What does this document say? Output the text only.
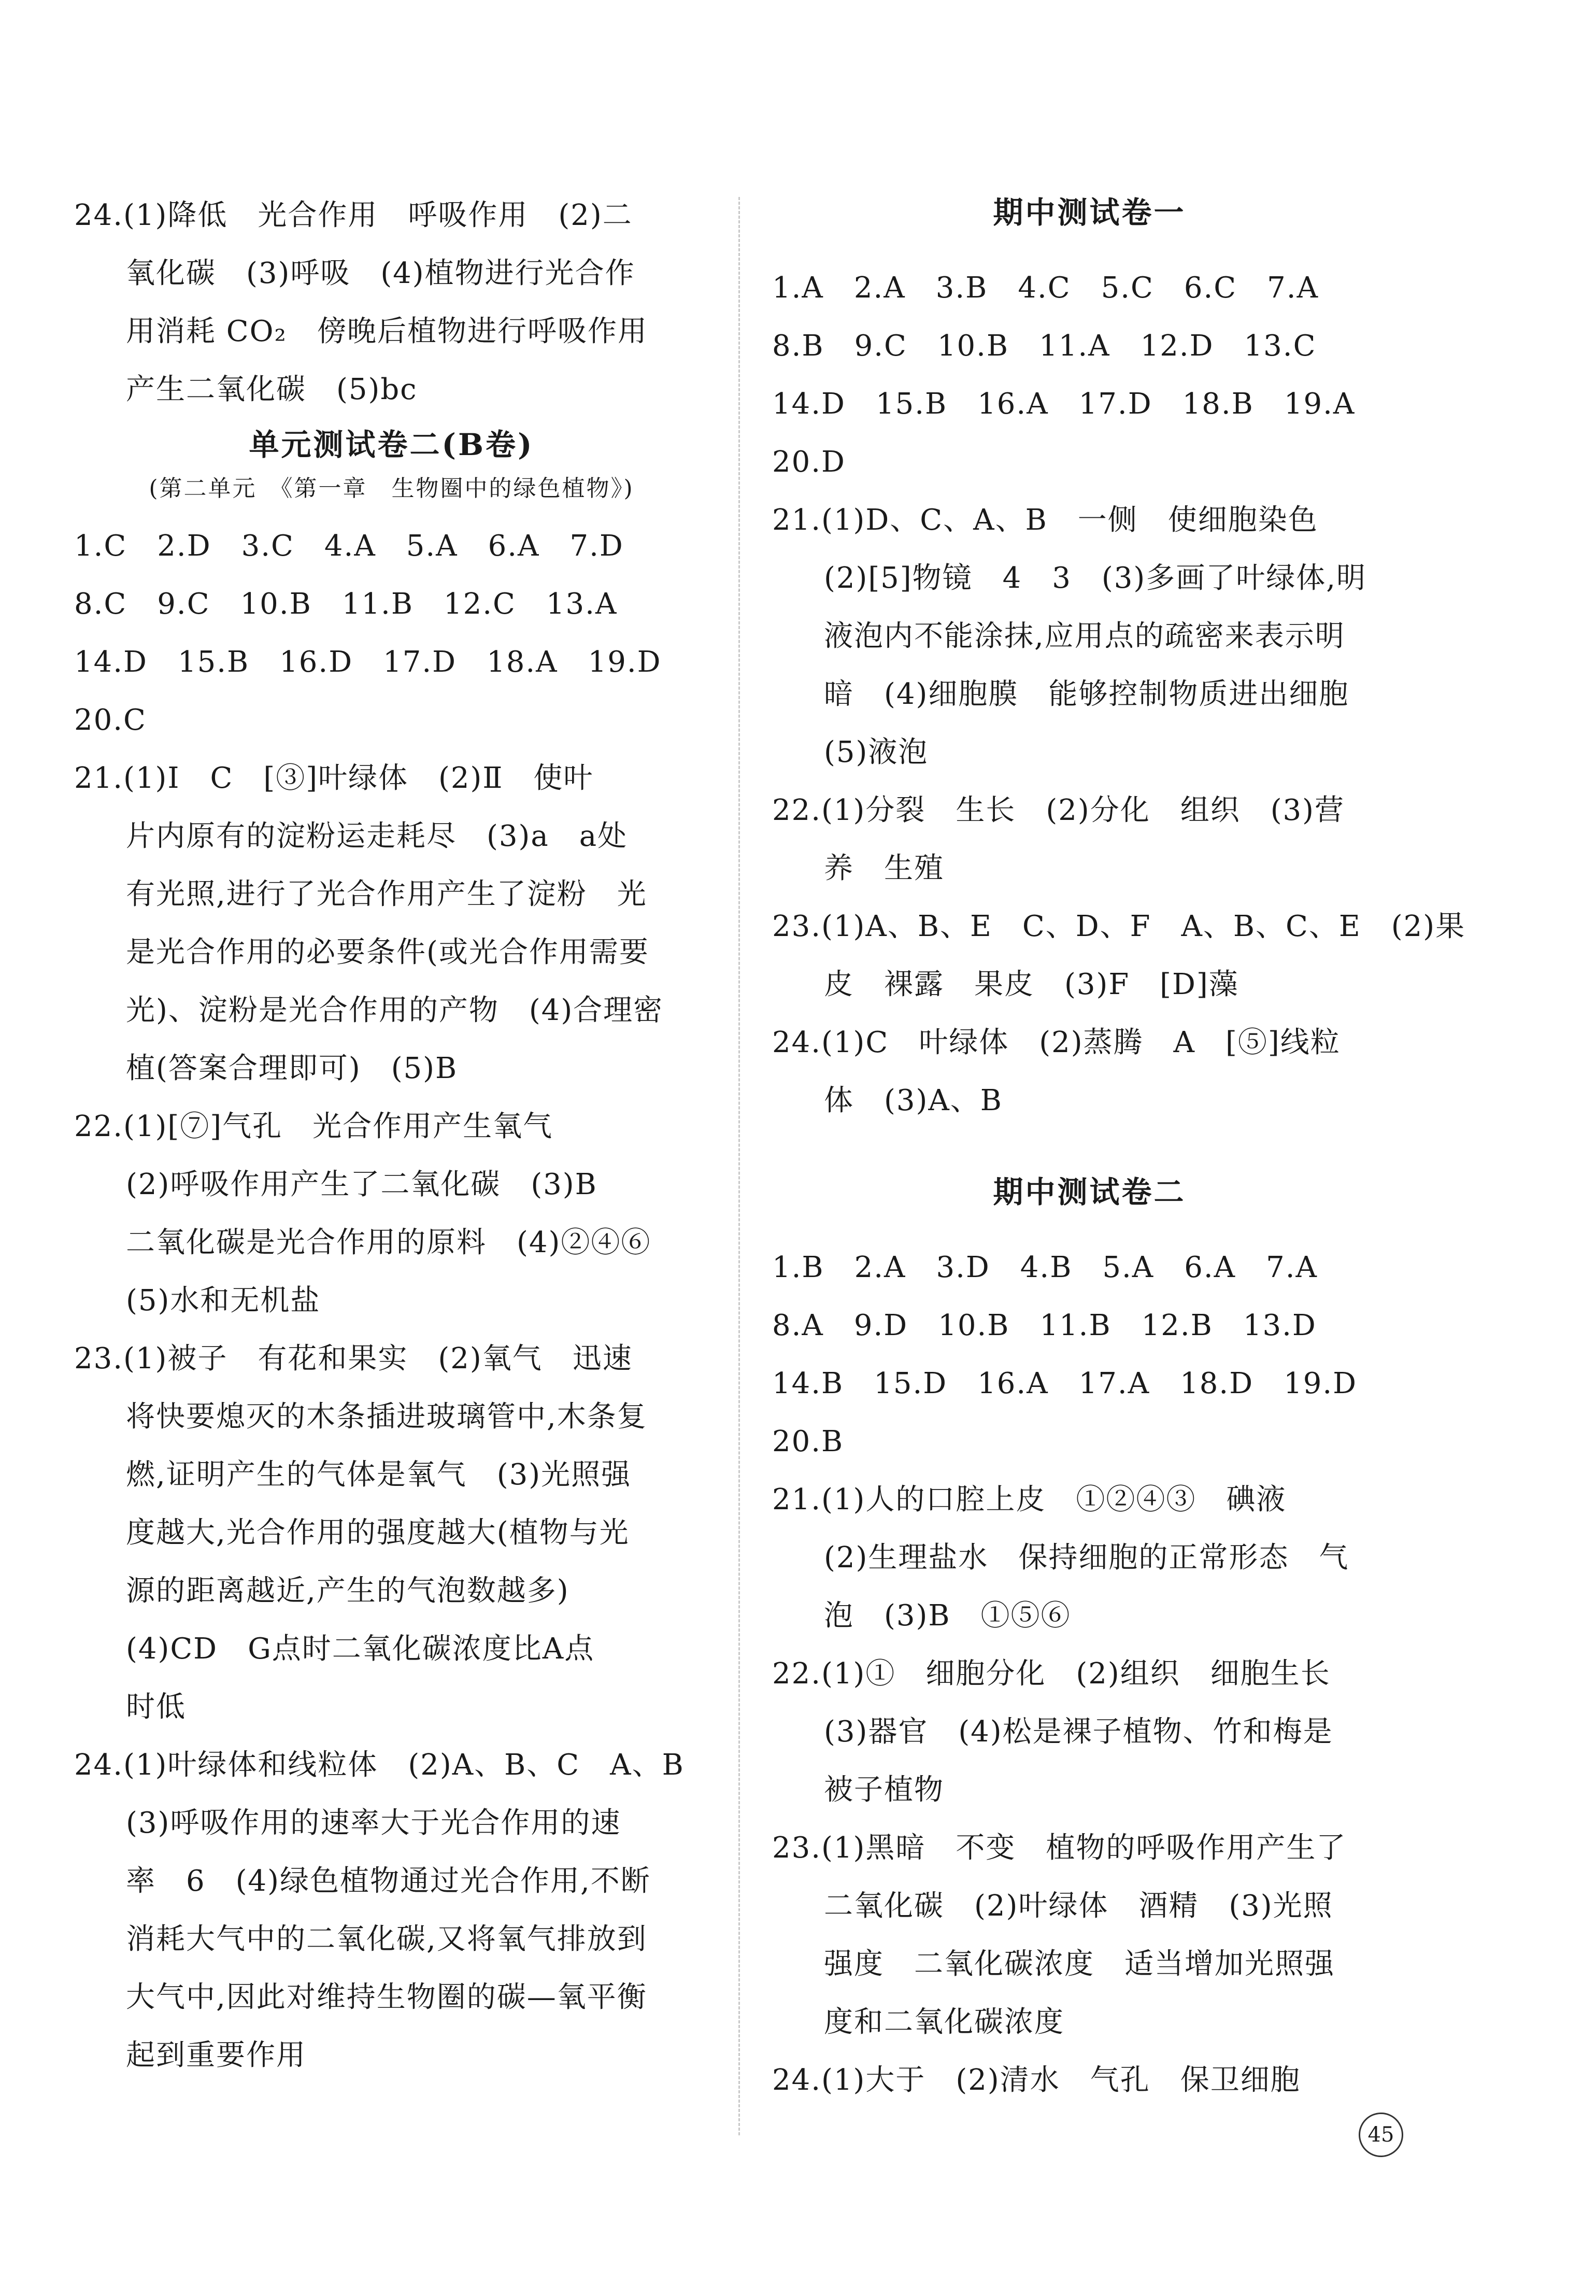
24.(1)降低　光合作用　呼吸作用　(2)二
氧化碳　(3)呼吸　(4)植物进行光合作
用消耗 CO₂　傍晚后植物进行呼吸作用
产生二氧化碳　(5)bc
单元测试卷二(B卷)
(第二单元　《第一章　生物圈中的绿色植物》)
1.C　2.D　3.C　4.A　5.A　6.A　7.D
8.C　9.C　10.B　11.B　12.C　13.A
14.D　15.B　16.D　17.D　18.A　19.D
20.C
21.(1)Ⅰ　C　[③]叶绿体　(2)Ⅱ　使叶
片内原有的淀粉运走耗尽　(3)a　a处
有光照,进行了光合作用产生了淀粉　光
是光合作用的必要条件(或光合作用需要
光)、淀粉是光合作用的产物　(4)合理密
植(答案合理即可)　(5)B
22.(1)[⑦]气孔　光合作用产生氧气
(2)呼吸作用产生了二氧化碳　(3)B
二氧化碳是光合作用的原料　(4)②④⑥
(5)水和无机盐
23.(1)被子　有花和果实　(2)氧气　迅速
将快要熄灭的木条插进玻璃管中,木条复
燃,证明产生的气体是氧气　(3)光照强
度越大,光合作用的强度越大(植物与光
源的距离越近,产生的气泡数越多)
(4)CD　G点时二氧化碳浓度比A点
时低
24.(1)叶绿体和线粒体　(2)A、B、C　A、B
(3)呼吸作用的速率大于光合作用的速
率　6　(4)绿色植物通过光合作用,不断
消耗大气中的二氧化碳,又将氧气排放到
大气中,因此对维持生物圈的碳—氧平衡
起到重要作用
期中测试卷一
1.A　2.A　3.B　4.C　5.C　6.C　7.A
8.B　9.C　10.B　11.A　12.D　13.C
14.D　15.B　16.A　17.D　18.B　19.A
20.D
21.(1)D、C、A、B　一侧　使细胞染色
(2)[5]物镜　4　3　(3)多画了叶绿体,明
液泡内不能涂抹,应用点的疏密来表示明
暗　(4)细胞膜　能够控制物质进出细胞
(5)液泡
22.(1)分裂　生长　(2)分化　组织　(3)营
养　生殖
23.(1)A、B、E　C、D、F　A、B、C、E　(2)果
皮　裸露　果皮　(3)F　[D]藻
24.(1)C　叶绿体　(2)蒸腾　A　[⑤]线粒
体　(3)A、B
期中测试卷二
1.B　2.A　3.D　4.B　5.A　6.A　7.A
8.A　9.D　10.B　11.B　12.B　13.D
14.B　15.D　16.A　17.A　18.D　19.D
20.B
21.(1)人的口腔上皮　①②④③　碘液
(2)生理盐水　保持细胞的正常形态　气
泡　(3)B　①⑤⑥
22.(1)①　细胞分化　(2)组织　细胞生长
(3)器官　(4)松是裸子植物、竹和梅是
被子植物
23.(1)黑暗　不变　植物的呼吸作用产生了
二氧化碳　(2)叶绿体　酒精　(3)光照
强度　二氧化碳浓度　适当增加光照强
度和二氧化碳浓度
24.(1)大于　(2)清水　气孔　保卫细胞
45
